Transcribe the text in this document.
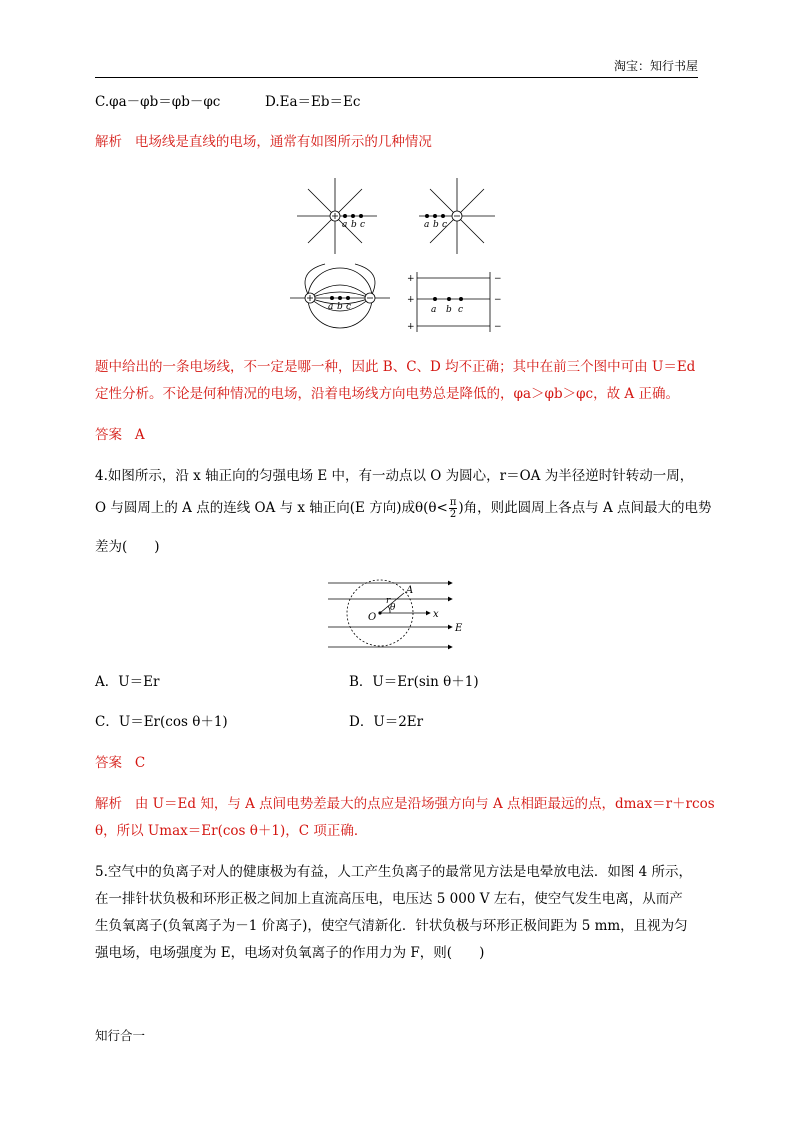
淘宝：知行书屋
C.φa－φb＝φb－φc	D.Ea＝Eb＝Ec
解析 电场线是直线的电场，通常有如图所示的几种情况
a b c	a b c
a b c
+
+
+
−
−
−
a b c
题中给出的一条电场线，不一定是哪一种，因此 B、C、D 均不正确；其中在前三个图中可由 U＝Ed
定性分析。不论是何种情况的电场，沿着电场线方向电势总是降低的，φa＞φb＞φc，故 A 正确。
答案 A
4.如图所示，沿 x 轴正向的匀强电场 E 中，有一动点以 O 为圆心，r＝OA 为半径逆时针转动一周，
O 与圆周上的 A 点的连线 OA 与 x 轴正向(E 方向)成$\theta(\theta< \frac{\pi}{2}$ )角，则此圆周上各点与 A 点间最大的电势
差为(　　)
O
A
r
θ
x
E
A．U＝Er	B．U＝Er(sin θ＋1)
C．U＝Er(cos θ＋1)	D．U＝2Er
答案 C
解析 由 U＝Ed 知，与 A 点间电势差最大的点应是沿场强方向与 A 点相距最远的点，dmax＝r＋rcos
θ，所以 Umax＝Er(cos θ＋1)，C 项正确．
5.空气中的负离子对人的健康极为有益，人工产生负离子的最常见方法是电晕放电法．如图 4 所示，
在一排针状负极和环形正极之间加上直流高压电，电压达 5 000 V 左右，使空气发生电离，从而产
生负氧离子(负氧离子为－1 价离子)，使空气清新化．针状负极与环形正极间距为 5 mm，且视为匀
强电场，电场强度为 E，电场对负氧离子的作用力为 F，则(　　)
知行合一
